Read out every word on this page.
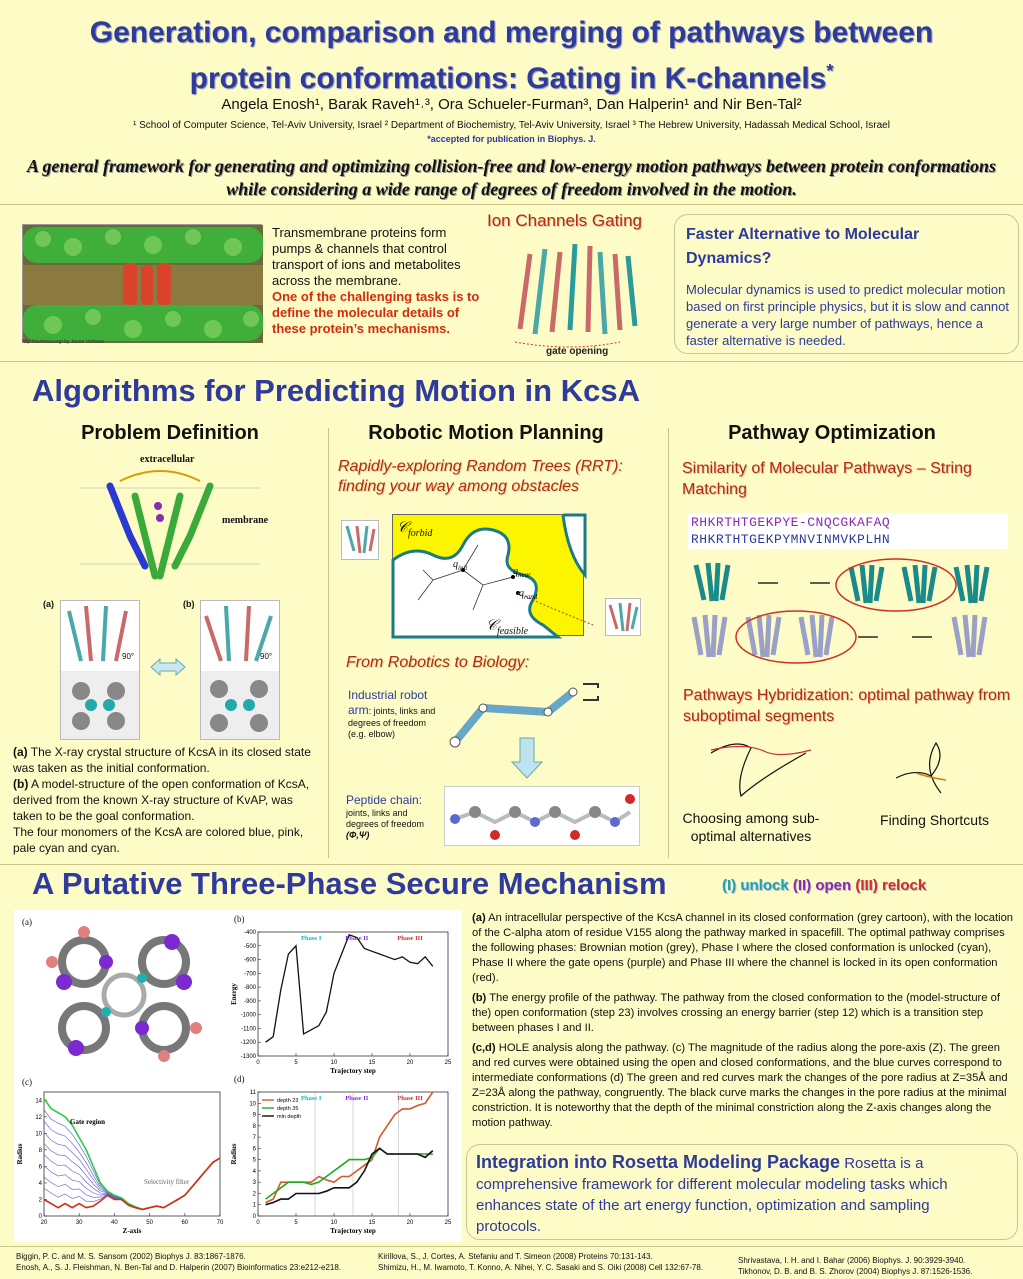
Generation, comparison and merging of pathways between
protein conformations: Gating in K-channels*
Angela Enosh¹, Barak Raveh¹˒³, Ora Schueler-Furman³, Dan Halperin¹ and Nir Ben-Tal²
¹ School of Computer Science, Tel-Aviv University, Israel ² Department of Biochemistry, Tel-Aviv University, Israel ³ The Hebrew University, Hadassah Medical School, Israel
*accepted for publication in Biophys. J.
A general framework for generating and optimizing collision-free and low-energy motion pathways between protein conformations while considering a wide range of degrees of freedom involved in the motion.
http://vertreea.org/ by Jason Vertrees
Transmembrane proteins form pumps & channels that control transport of ions and metabolites across the membrane.
One of the challenging tasks is to define the molecular details of these protein’s mechanisms.
Ion Channels Gating
gate opening
Faster Alternative to Molecular Dynamics?
Molecular dynamics is used to predict molecular motion based on first principle physics, but it is slow and cannot generate a very large number of pathways, hence a faster alternative is needed.
Algorithms for Predicting Motion in KcsA
Problem Definition
extracellular
membrane
(a)	(b)
90°	90°
(a) The X-ray crystal structure of KcsA in its closed state was taken as the initial conformation.
(b) A model-structure of the open conformation of KcsA, derived from the known X-ray structure of KvAP, was taken to be the goal conformation.
The four monomers of the KcsA are colored blue, pink, pale cyan and cyan.
Robotic Motion Planning
Rapidly-exploring Random Trees (RRT): finding your way among obstacles
𝒞$_{forbid}$
𝒞$_{feasible}$
$q_{init}$	$q_{near}$
$q_{rand}$
From Robotics to Biology:
Industrial robot arm: joints, links and degrees of freedom (e.g. elbow)
Peptide chain:
joints, links and degrees of freedom
(Φ,Ψ)
Pathway Optimization
Similarity of Molecular Pathways – String Matching
RHKRTHTGEKPYE-CNQCGKAFAQ
RHKRTHTGEKPYMNVINMVKPLHN
Pathways Hybridization: optimal pathway from suboptimal segments
Choosing among sub-optimal alternatives
Finding Shortcuts
A Putative Three-Phase Secure Mechanism	(I) unlock (II) open (III) relock
(a)	(b)
(c)	(d)
0	5	10	15	20	25
-1300
-1200
-1100
-1000
-900
-800
-700
-600
-500
-400
Trajectory step
Energy
Phase I	Phase II	Phase III
20	30	40	50	60	70
0
2
4
6
8
10
12
14
Z-axis
Radius
Gate region
Selectivity filter
0	5	10	15	20	25
0
1
2
3
4
5
6
7
8
9
10
11
Trajectory step
Radius
Phase I	Phase II	Phase III
depth 23
depth 35
min depth

(a) An intracellular perspective of the KcsA channel in its closed conformation (grey cartoon), with the location of the C-alpha atom of residue V155 along the pathway marked in spacefill. The optimal pathway comprises the following phases: Brownian motion (grey), Phase I where the closed conformation is unlocked (cyan), Phase II where the gate opens (purple) and Phase III where the channel is locked in its open conformation (red).

(b) The energy profile of the pathway. The pathway from the closed conformation to the (model-structure of the) open conformation (step 23) involves crossing an energy barrier (step 12) which is a transition step between phases I and II.

(c,d) HOLE analysis along the pathway. (c) The magnitude of the radius along the pore-axis (Z). The green and red curves were obtained using the open and closed conformations, and the blue curves correspond to intermediate conformations (d) The green and red curves mark the changes of the pore radius at Z=35Å and Z=23Å along the pathway, congruently. The black curve marks the changes in the pore radius at the minimal constriction. It is noteworthy that the depth of the minimal constriction along the Z-axis changes along the motion pathway.

Integration into Rosetta Modeling Package Rosetta is a comprehensive framework for different molecular modeling tasks which enhances state of the art energy function, optimization and sampling protocols.
Biggin, P. C. and M. S. Sansom (2002) Biophys J. 83:1867-1876.
Enosh, A., S. J. Fleishman, N. Ben-Tal and D. Halperin (2007) Bioinformatics 23:e212-e218.
Kirillova, S., J. Cortes, A. Stefaniu and T. Simeon (2008) Proteins 70:131-143.
Shimizu, H., M. Iwamoto, T. Konno, A. Nihei, Y. C. Sasaki and S. Oiki (2008) Cell 132:67-78.
Shrivastava, I. H. and I. Bahar (2006) Biophys. J. 90:3929-3940.
Tikhonov, D. B. and B. S. Zhorov (2004) Biophys J. 87:1526-1536.
